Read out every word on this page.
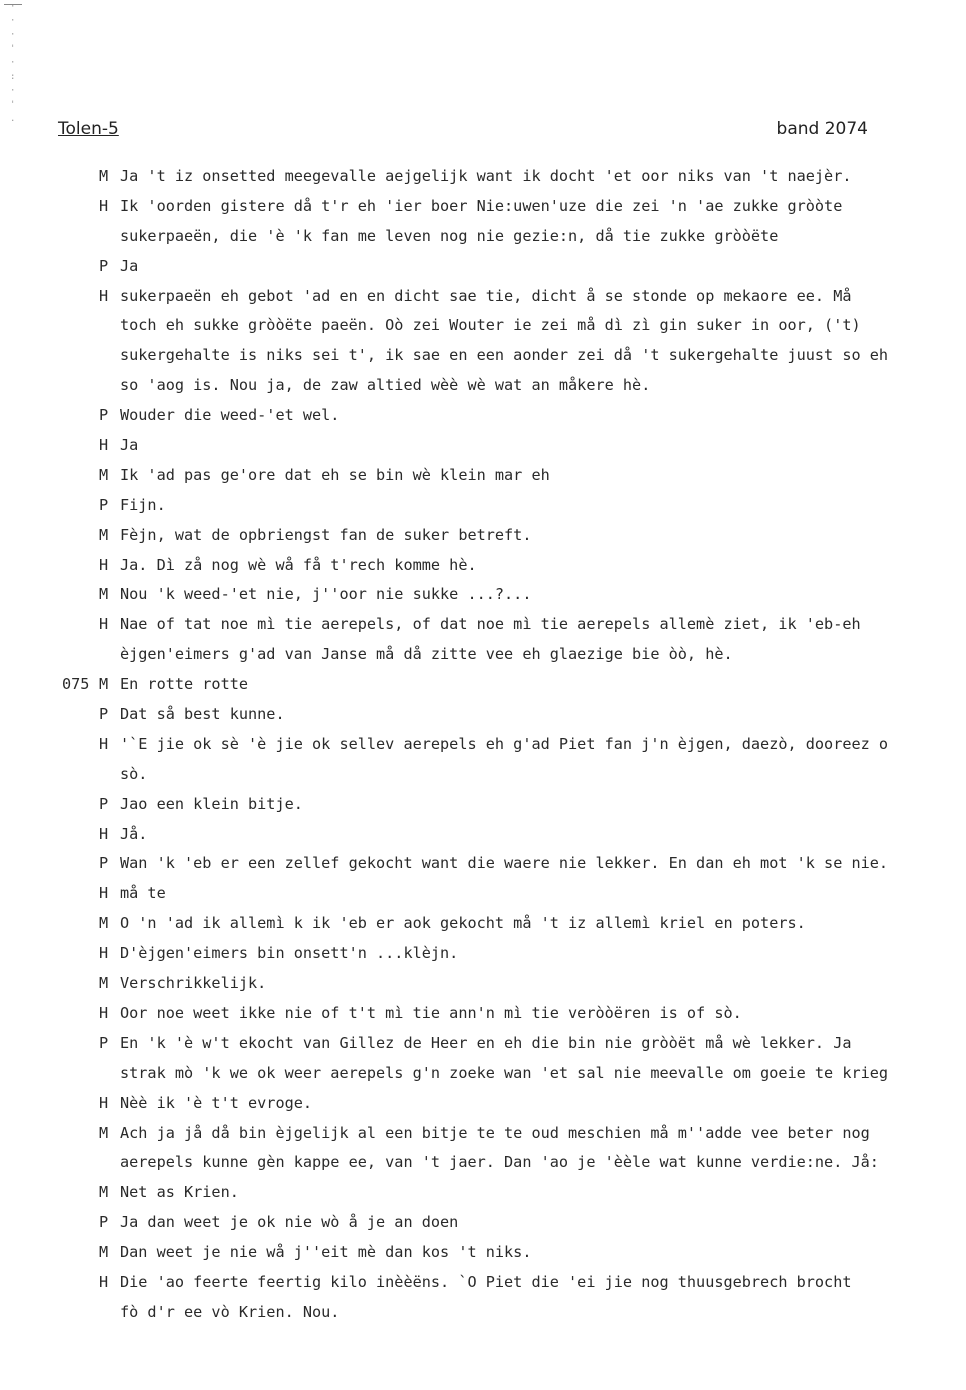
·
·
·
'
·
:
·
'
.	Tolen-5	band 2074
M Ja 't iz onsetted meegevalle aejgelijk want ik docht 'et oor niks van 't naejèr.
H Ik 'oorden gistere då t'r eh 'ier boer Nie:uwen'uze die zei 'n 'ae zukke gròòte
sukerpaeën, die 'è 'k fan me leven nog nie gezie:n, då tie zukke gròòëte
P Ja
H sukerpaeën eh gebot 'ad en en dicht sae tie, dicht å se stonde op mekaore ee. Må
toch eh sukke gròòëte paeën. Oò zei Wouter ie zei må dì zì gin suker in oor, ('t)
sukergehalte is niks sei t', ik sae en een aonder zei då 't sukergehalte juust so eh
so 'aog is. Nou ja, de zaw altied wèè wè wat an måkere hè.
P Wouder die weed-'et wel.
H Ja
M Ik 'ad pas ge'ore dat eh se bin wè klein mar eh
P Fijn.
M Fèjn, wat de opbriengst fan de suker betreft.
H Ja. Dì zå nog wè wå få t'rech komme hè.
M Nou 'k weed-'et nie, j''oor nie sukke ...?...
H Nae of tat noe mì tie aerepels, of dat noe mì tie aerepels allemè ziet, ik 'eb-eh
èjgen'eimers g'ad van Janse må då zitte vee eh glaezige bie òò, hè.
075 M En rotte rotte
P Dat så best kunne.
H '`E jie ok sè 'è jie ok sellev aerepels eh g'ad Piet fan j'n èjgen, daezò, dooreez o
sò.
P Jao een klein bitje.
H Jå.
P Wan 'k 'eb er een zellef gekocht want die waere nie lekker. En dan eh mot 'k se nie.
H må te
M O 'n 'ad ik allemì k ik 'eb er aok gekocht må 't iz allemì kriel en poters.
H D'èjgen'eimers bin onsett'n ...klèjn.
M Verschrikkelijk.
H Oor noe weet ikke nie of t't mì tie ann'n mì tie veròòëren is of sò.
P En 'k 'è w't ekocht van Gillez de Heer en eh die bin nie gròòët må wè lekker. Ja
strak mò 'k we ok weer aerepels g'n zoeke wan 'et sal nie meevalle om goeie te krieg
H Nèè ik 'è t't evroge.
M Ach ja jå då bin èjgelijk al een bitje te te oud meschien må m''adde vee beter nog
aerepels kunne gèn kappe ee, van 't jaer. Dan 'ao je 'èèle wat kunne verdie:ne. Jå:
M Net as Krien.
P Ja dan weet je ok nie wò å je an doen
M Dan weet je nie wå j''eit mè dan kos 't niks.
H Die 'ao feerte feertig kilo inèèëns. `O Piet die 'ei jie nog thuusgebrech brocht
fò d'r ee vò Krien. Nou.
